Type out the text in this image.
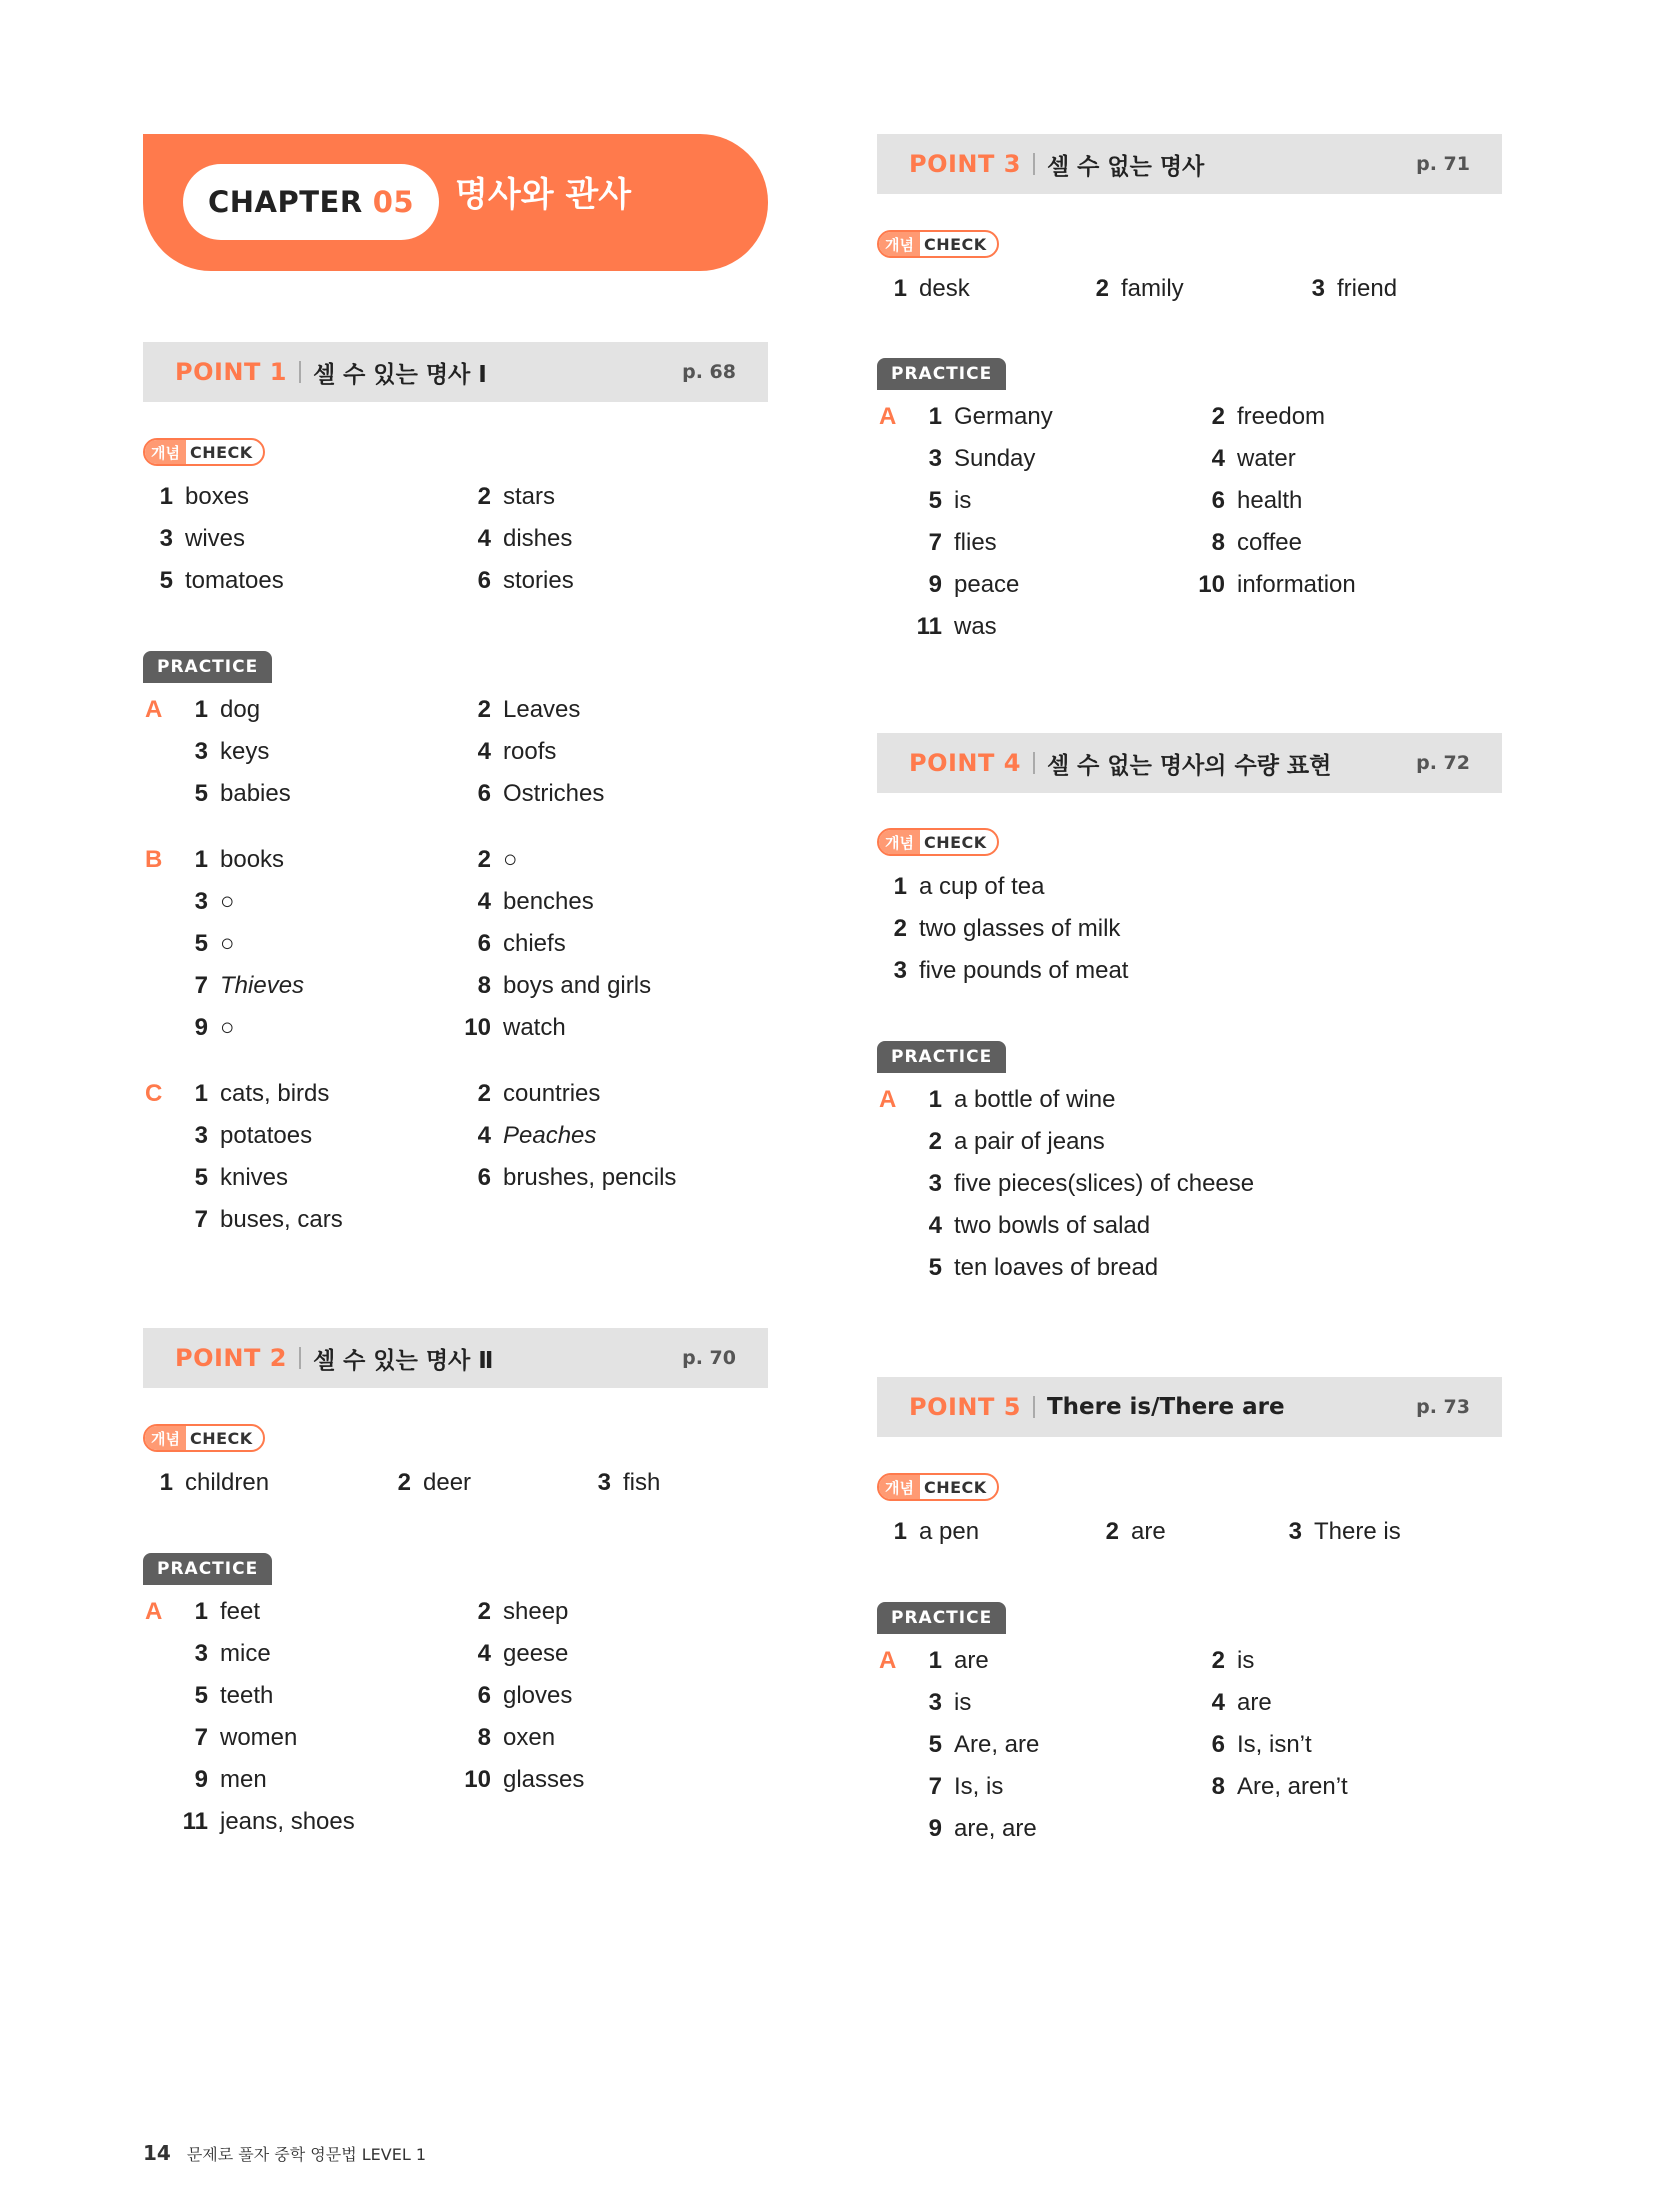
CHAPTER 05 명사와 관사
POINT 1 셀 수 있는 명사 Ⅰ	p. 68
개념 CHECK
1 boxes	2 stars
3 wives	4 dishes
5 tomatoes	6 stories
PRACTICE
A	1 dog	2 Leaves
3 keys	4 roofs
5 babies	6 Ostriches
B	1 books	2 ○
3 ○	4 benches
5 ○	6 chiefs
7 Thieves	8 boys and girls
9 ○	10 watch
C	1 cats, birds	2 countries
3 potatoes	4 Peaches
5 knives	6 brushes, pencils
7 buses, cars
POINT 2 셀 수 있는 명사 Ⅱ	p. 70
개념 CHECK
1 children	2 deer	3 fish
PRACTICE
A	1 feet	2 sheep
3 mice	4 geese
5 teeth	6 gloves
7 women	8 oxen
9 men	10 glasses
11 jeans, shoes
POINT 3 셀 수 없는 명사	p. 71
개념 CHECK
1 desk	2 family	3 friend
PRACTICE
A	1 Germany	2 freedom
3 Sunday	4 water
5 is	6 health
7 flies	8 coffee
9 peace	10 information
11 was
POINT 4 셀 수 없는 명사의 수량 표현	p. 72
개념 CHECK
1 a cup of tea
2 two glasses of milk
3 five pounds of meat
PRACTICE
A	1 a bottle of wine
2 a pair of jeans
3 five pieces(slices) of cheese
4 two bowls of salad
5 ten loaves of bread
POINT 5 There is/There are	p. 73
개념 CHECK
1 a pen	2 are	3 There is
PRACTICE
A	1 are	2 is
3 is	4 are
5 Are, are	6 Is, isn’t
7 Is, is	8 Are, aren’t
9 are, are
14 문제로 풀자 중학 영문법 LEVEL 1
